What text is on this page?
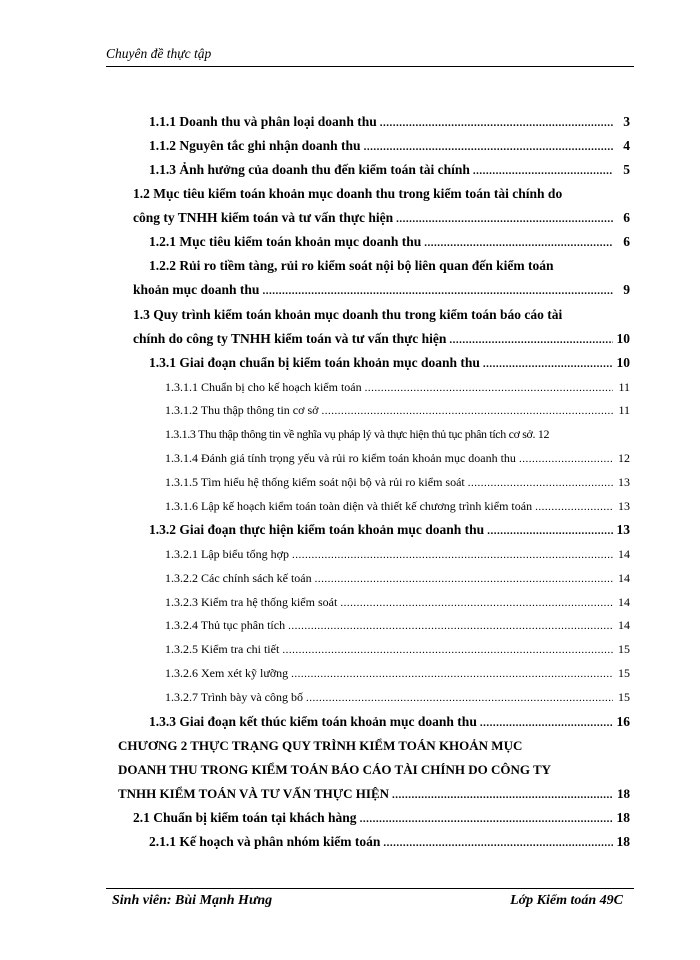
Chuyên đề thực tập
1.1.1 Doanh thu và phân loại doanh thu .....	3
1.1.2 Nguyên tắc ghi nhận doanh thu .....	4
1.1.3 Ảnh hưởng của doanh thu đến kiểm toán tài chính .....	5
1.2 Mục tiêu kiểm toán khoản mục doanh thu trong kiểm toán tài chính do
công ty TNHH kiểm toán và tư vấn thực hiện .....	6
1.2.1 Mục tiêu kiểm toán khoản mục doanh thu .....	6
1.2.2 Rủi ro tiềm tàng, rủi ro kiểm soát nội bộ liên quan đến kiểm toán
khoản mục doanh thu .....	9
1.3 Quy trình kiểm toán khoản mục doanh thu trong kiểm toán báo cáo tài
chính do công ty TNHH kiểm toán và tư vấn thực hiện .....	10
1.3.1 Giai đoạn chuẩn bị kiểm toán khoản mục doanh thu .....	10
1.3.1.1 Chuẩn bị cho kế hoạch kiểm toán .....	11
1.3.1.2 Thu thập thông tin cơ sở .....	11
1.3.1.3 Thu thập thông tin về nghĩa vụ pháp lý và thực hiện thủ tục phân tích cơ sở. 12
1.3.1.4 Đánh giá tính trọng yếu và rủi ro kiểm toán khoản mục doanh thu .....	12
1.3.1.5 Tìm hiểu hệ thống kiểm soát nội bộ và rủi ro kiểm soát .....	13
1.3.1.6 Lập kế hoạch kiểm toán toàn diện và thiết kế chương trình kiểm toán .....	13
1.3.2 Giai đoạn thực hiện kiểm toán khoản mục doanh thu .....	13
1.3.2.1 Lập biểu tổng hợp .....	14
1.3.2.2 Các chính sách kế toán .....	14
1.3.2.3 Kiểm tra hệ thống kiểm soát .....	14
1.3.2.4 Thủ tục phân tích .....	14
1.3.2.5 Kiểm tra chi tiết .....	15
1.3.2.6 Xem xét kỹ lưỡng .....	15
1.3.2.7 Trình bày và công bố .....	15
1.3.3 Giai đoạn kết thúc kiểm toán khoản mục doanh thu .....	16
CHƯƠNG 2 THỰC TRẠNG QUY TRÌNH KIỂM TOÁN KHOẢN MỤC
DOANH THU TRONG KIỂM TOÁN BÁO CÁO TÀI CHÍNH DO CÔNG TY
TNHH KIỂM TOÁN VÀ TƯ VẤN THỰC HIỆN .....	18
2.1 Chuẩn bị kiểm toán tại khách hàng .....	18
2.1.1 Kế hoạch và phân nhóm kiểm toán .....	18
Sinh viên: Bùi Mạnh Hưng	Lớp Kiểm toán 49C
